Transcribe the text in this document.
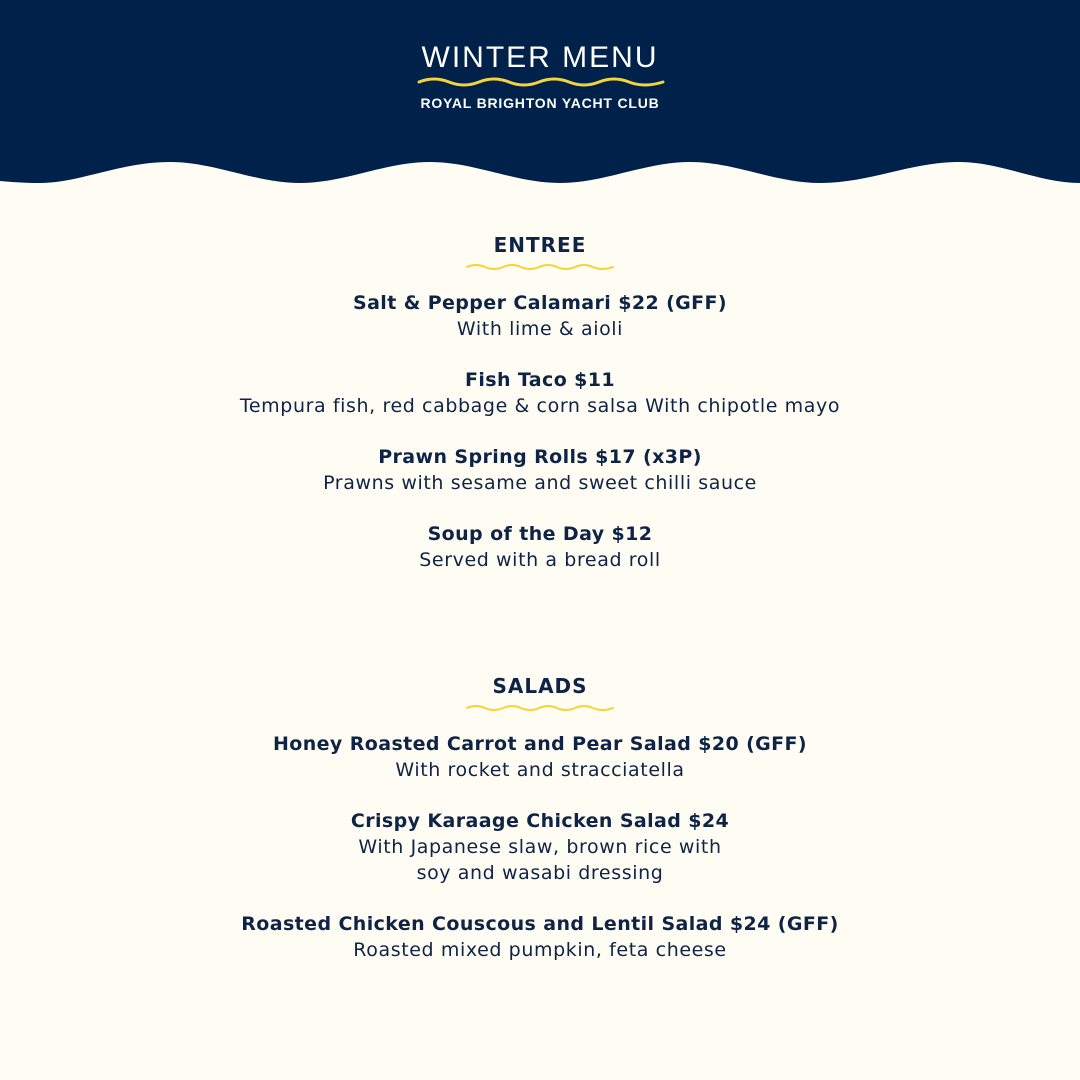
WINTER MENU
ROYAL BRIGHTON YACHT CLUB
ENTREE
Salt & Pepper Calamari $22 (GFF)
With lime & aioli
Fish Taco $11
Tempura fish, red cabbage & corn salsa With chipotle mayo
Prawn Spring Rolls $17 (x3P)
Prawns with sesame and sweet chilli sauce
Soup of the Day $12
Served with a bread roll
SALADS
Honey Roasted Carrot and Pear Salad $20 (GFF)
With rocket and stracciatella
Crispy Karaage Chicken Salad $24
With Japanese slaw, brown rice with
soy and wasabi dressing
Roasted Chicken Couscous and Lentil Salad $24 (GFF)
Roasted mixed pumpkin, feta cheese
